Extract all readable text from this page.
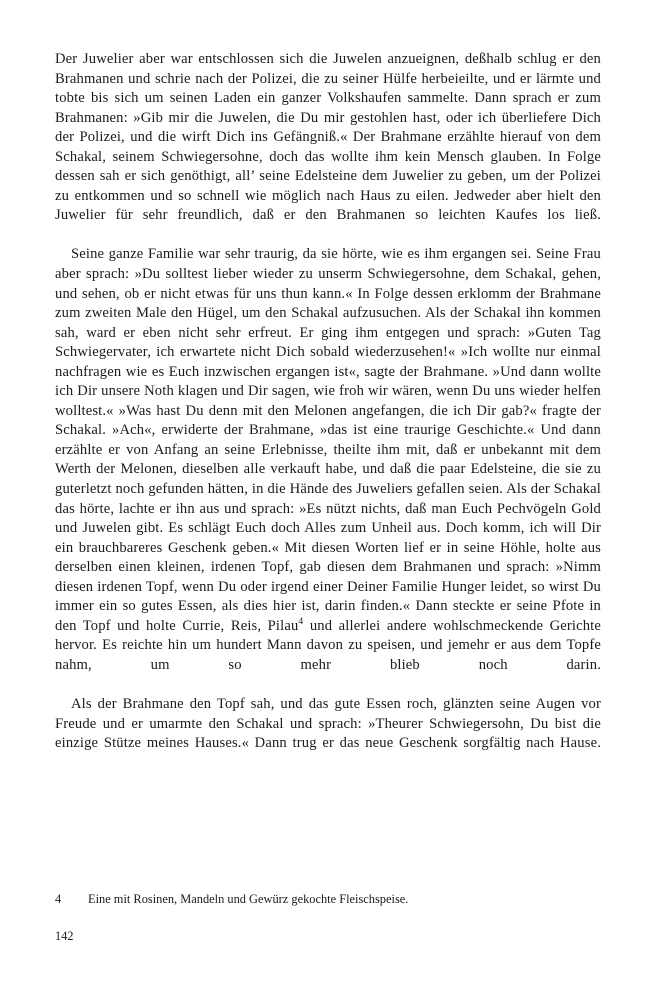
Der Juwelier aber war entschlossen sich die Juwelen anzueignen, deßhalb schlug er den Brahmanen und schrie nach der Polizei, die zu seiner Hülfe herbeieilte, und er lärmte und tobte bis sich um seinen Laden ein ganzer Volkshaufen sammelte. Dann sprach er zum Brahmanen: »Gib mir die Juwelen, die Du mir gestohlen hast, oder ich überliefere Dich der Polizei, und die wirft Dich ins Gefängniß.« Der Brahmane erzählte hierauf von dem Schakal, seinem Schwiegersohne, doch das wollte ihm kein Mensch glauben. In Folge dessen sah er sich genöthigt, all’ seine Edelsteine dem Juwelier zu geben, um der Polizei zu entkommen und so schnell wie möglich nach Haus zu eilen. Jedweder aber hielt den Juwelier für sehr freundlich, daß er den Brahmanen so leichten Kaufes los ließ.

Seine ganze Familie war sehr traurig, da sie hörte, wie es ihm ergangen sei. Seine Frau aber sprach: »Du solltest lieber wieder zu unserm Schwiegersohne, dem Schakal, gehen, und sehen, ob er nicht etwas für uns thun kann.« In Folge dessen erklomm der Brahmane zum zweiten Male den Hügel, um den Schakal aufzusuchen. Als der Schakal ihn kommen sah, ward er eben nicht sehr erfreut. Er ging ihm entgegen und sprach: »Guten Tag Schwiegervater, ich erwartete nicht Dich sobald wiederzusehen!« »Ich wollte nur einmal nachfragen wie es Euch inzwischen ergangen ist«, sagte der Brahmane. »Und dann wollte ich Dir unsere Noth klagen und Dir sagen, wie froh wir wären, wenn Du uns wieder helfen wolltest.« »Was hast Du denn mit den Melonen angefangen, die ich Dir gab?« fragte der Schakal. »Ach«, erwiderte der Brahmane, »das ist eine traurige Geschichte.« Und dann erzählte er von Anfang an seine Erlebnisse, theilte ihm mit, daß er unbekannt mit dem Werth der Melonen, dieselben alle verkauft habe, und daß die paar Edelsteine, die sie zu guterletzt noch gefunden hätten, in die Hände des Juweliers gefallen seien. Als der Schakal das hörte, lachte er ihn aus und sprach: »Es nützt nichts, daß man Euch Pechvögeln Gold und Juwelen gibt. Es schlägt Euch doch Alles zum Unheil aus. Doch komm, ich will Dir ein brauchbareres Geschenk geben.« Mit diesen Worten lief er in seine Höhle, holte aus derselben einen kleinen, irdenen Topf, gab diesen dem Brahmanen und sprach: »Nimm diesen irdenen Topf, wenn Du oder irgend einer Deiner Familie Hunger leidet, so wirst Du immer ein so gutes Essen, als dies hier ist, darin finden.« Dann steckte er seine Pfote in den Topf und holte Currie, Reis, Pilau$^4$ und allerlei andere wohlschmeckende Gerichte hervor. Es reichte hin um hundert Mann davon zu speisen, und jemehr er aus dem Topfe nahm, um so mehr blieb noch darin.

Als der Brahmane den Topf sah, und das gute Essen roch, glänzten seine Augen vor Freude und er umarmte den Schakal und sprach: »Theurer Schwiegersohn, Du bist die einzige Stütze meines Hauses.« Dann trug er das neue Geschenk sorgfältig nach Hause.

4	Eine mit Rosinen, Mandeln und Gewürz gekochte Fleischspeise.
142
